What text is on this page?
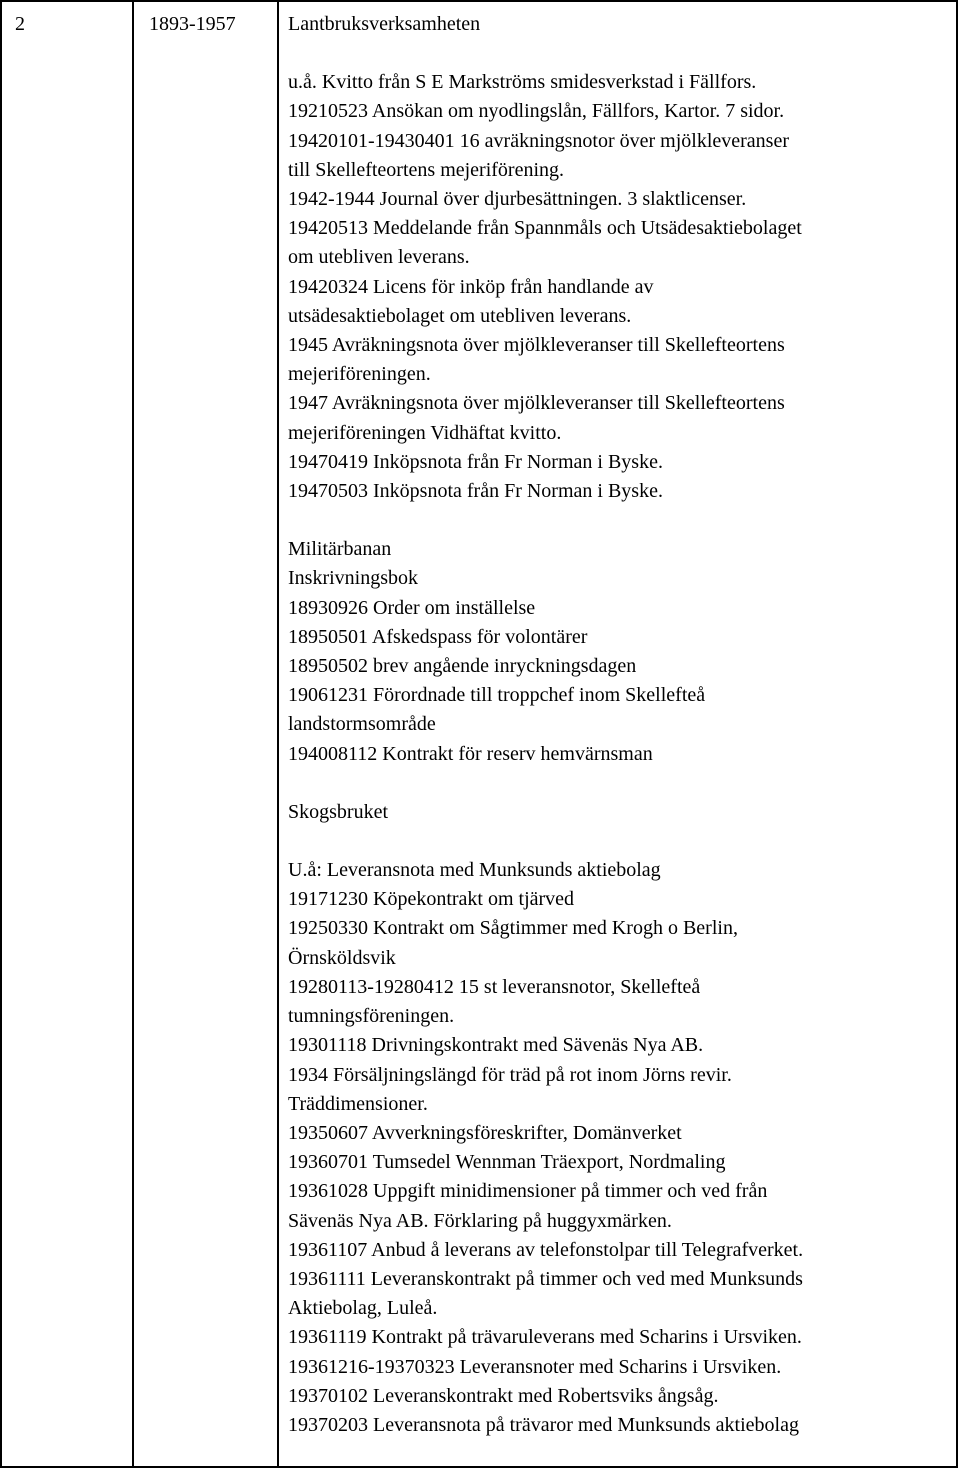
2	1893-1957	Lantbruksverksamheten
u.å. Kvitto från S E Markströms smidesverkstad i Fällfors.
19210523 Ansökan om nyodlingslån, Fällfors, Kartor. 7 sidor.
19420101-19430401 16 avräkningsnotor över mjölkleveranser
till Skellefteortens mejeriförening.
1942-1944 Journal över djurbesättningen. 3 slaktlicenser.
19420513 Meddelande från Spannmåls och Utsädesaktiebolaget
om utebliven leverans.
19420324 Licens för inköp från handlande av
utsädesaktiebolaget om utebliven leverans.
1945 Avräkningsnota över mjölkleveranser till Skellefteortens
mejeriföreningen.
1947 Avräkningsnota över mjölkleveranser till Skellefteortens
mejeriföreningen Vidhäftat kvitto.
19470419 Inköpsnota från Fr Norman i Byske.
19470503 Inköpsnota från Fr Norman i Byske.
Militärbanan
Inskrivningsbok
18930926 Order om inställelse
18950501 Afskedspass för volontärer
18950502 brev angående inryckningsdagen
19061231 Förordnade till troppchef inom Skellefteå
landstormsområde
194008112 Kontrakt för reserv hemvärnsman
Skogsbruket
U.å: Leveransnota med Munksunds aktiebolag
19171230 Köpekontrakt om tjärved
19250330 Kontrakt om Sågtimmer med Krogh o Berlin,
Örnsköldsvik
19280113-19280412 15 st leveransnotor, Skellefteå
tumningsföreningen.
19301118 Drivningskontrakt med Sävenäs Nya AB.
1934 Försäljningslängd för träd på rot inom Jörns revir.
Träddimensioner.
19350607 Avverkningsföreskrifter, Domänverket
19360701 Tumsedel Wennman Träexport, Nordmaling
19361028 Uppgift minidimensioner på timmer och ved från
Sävenäs Nya AB. Förklaring på huggyxmärken.
19361107 Anbud å leverans av telefonstolpar till Telegrafverket.
19361111 Leveranskontrakt på timmer och ved med Munksunds
Aktiebolag, Luleå.
19361119 Kontrakt på trävaruleverans med Scharins i Ursviken.
19361216-19370323 Leveransnoter med Scharins i Ursviken.
19370102 Leveranskontrakt med Robertsviks ångsåg.
19370203 Leveransnota på trävaror med Munksunds aktiebolag
